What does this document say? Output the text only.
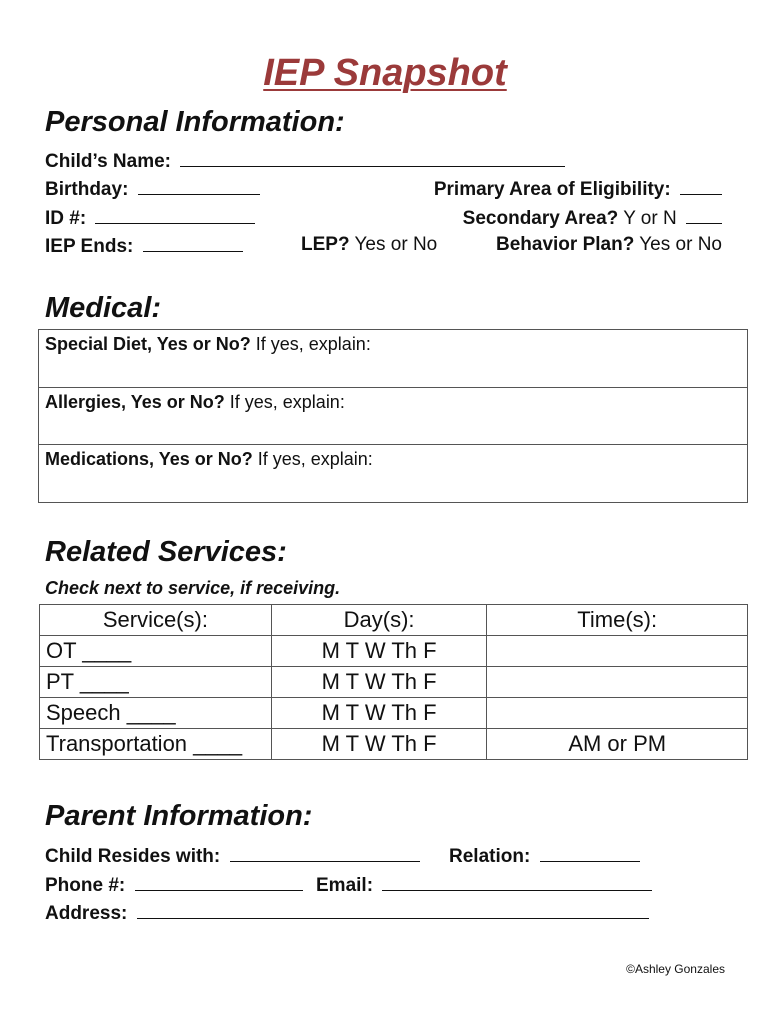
IEP Snapshot
Personal Information:
Child’s Name:
Birthday:	Primary Area of Eligibility:
ID #:	Secondary Area? Y or N
IEP Ends:	LEP? Yes or No	Behavior Plan? Yes or No
Medical:
Special Diet, Yes or No? If yes, explain:
Allergies, Yes or No? If yes, explain:
Medications, Yes or No? If yes, explain:
Related Services:
Check next to service, if receiving.
Service(s):	Day(s):	Time(s):
OT ____	M T W Th F	
PT ____	M T W Th F	
Speech ____	M T W Th F	
Transportation ____	M T W Th F	AM or PM
Parent Information:
Child Resides with:	Relation:
Phone #:	Email:
Address:
©Ashley Gonzales
